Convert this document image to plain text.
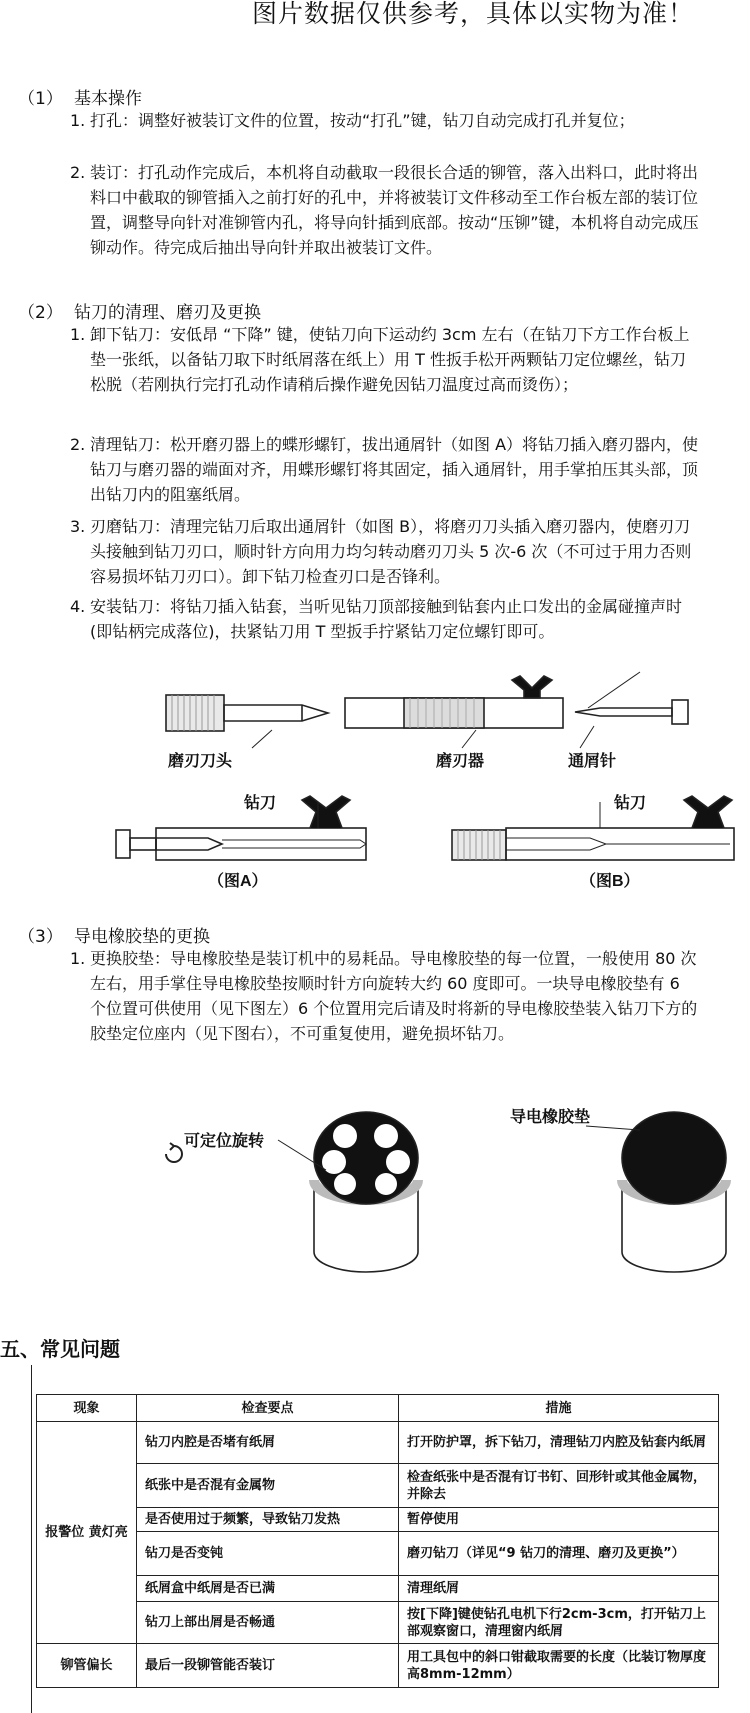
图片数据仅供参考，具体以实物为准！
（1） 基本操作
1. 打孔：调整好被装订文件的位置，按动“打孔”键，钻刀自动完成打孔并复位；
2. 装订：打孔动作完成后，本机将自动截取一段很长合适的铆管，落入出料口，此时将出料口中截取的铆管插入之前打好的孔中，并将被装订文件移动至工作台板左部的装订位置，调整导向针对准铆管内孔，将导向针插到底部。按动“压铆”键，本机将自动完成压铆动作。待完成后抽出导向针并取出被装订文件。
（2） 钻刀的清理、磨刃及更换
1. 卸下钻刀：安低昂 “下降” 键，使钻刀向下运动约 3cm 左右（在钻刀下方工作台板上垫一张纸，以备钻刀取下时纸屑落在纸上）用 T 性扳手松开两颗钻刀定位螺丝，钻刀松脱（若刚执行完打孔动作请稍后操作避免因钻刀温度过高而烫伤）；
2. 清理钻刀：松开磨刃器上的蝶形螺钉，拔出通屑针（如图 A）将钻刀插入磨刃器内，使钻刀与磨刃器的端面对齐，用蝶形螺钉将其固定，插入通屑针，用手掌拍压其头部，顶出钻刀内的阻塞纸屑。
3. 刃磨钻刀：清理完钻刀后取出通屑针（如图 B），将磨刃刀头插入磨刃器内，使磨刃刀头接触到钻刀刃口，顺时针方向用力均匀转动磨刃刀头 5 次-6 次（不可过于用力否则容易损坏钻刀刃口）。卸下钻刀检查刃口是否锋利。
4. 安装钻刀：将钻刀插入钻套，当听见钻刀顶部接触到钻套内止口发出的金属碰撞声时(即钻柄完成落位)，扶紧钻刀用 T 型扳手拧紧钻刀定位螺钉即可。
磨刃刀头	磨刃器	通屑针
钻刀	钻刀
（图A）	（图B）
（3） 导电橡胶垫的更换
1. 更换胶垫：导电橡胶垫是装订机中的易耗品。导电橡胶垫的每一位置，一般使用 80 次左右，用手掌住导电橡胶垫按顺时针方向旋转大约 60 度即可。一块导电橡胶垫有 6 个位置可供使用（见下图左）6 个位置用完后请及时将新的导电橡胶垫装入钻刀下方的胶垫定位座内（见下图右），不可重复使用，避免损坏钻刀。
可定位旋转
导电橡胶垫
五、常见问题
现象	检查要点	措施
报警位 黄灯亮	钻刀内腔是否堵有纸屑	打开防护罩，拆下钻刀，清理钻刀内腔及钻套内纸屑
	纸张中是否混有金属物	检查纸张中是否混有订书钉、回形针或其他金属物，并除去
	是否使用过于频繁，导致钻刀发热	暂停使用
	钻刀是否变钝	磨刃钻刀（详见“9 钻刀的清理、磨刃及更换”）
	纸屑盒中纸屑是否已满	清理纸屑
	钻刀上部出屑是否畅通	按[下降]键使钻孔电机下行2cm-3cm，打开钻刀上部观察窗口，清理窗内纸屑
铆管偏长	最后一段铆管能否装订	用工具包中的斜口钳截取需要的长度（比装订物厚度高8mm-12mm）
